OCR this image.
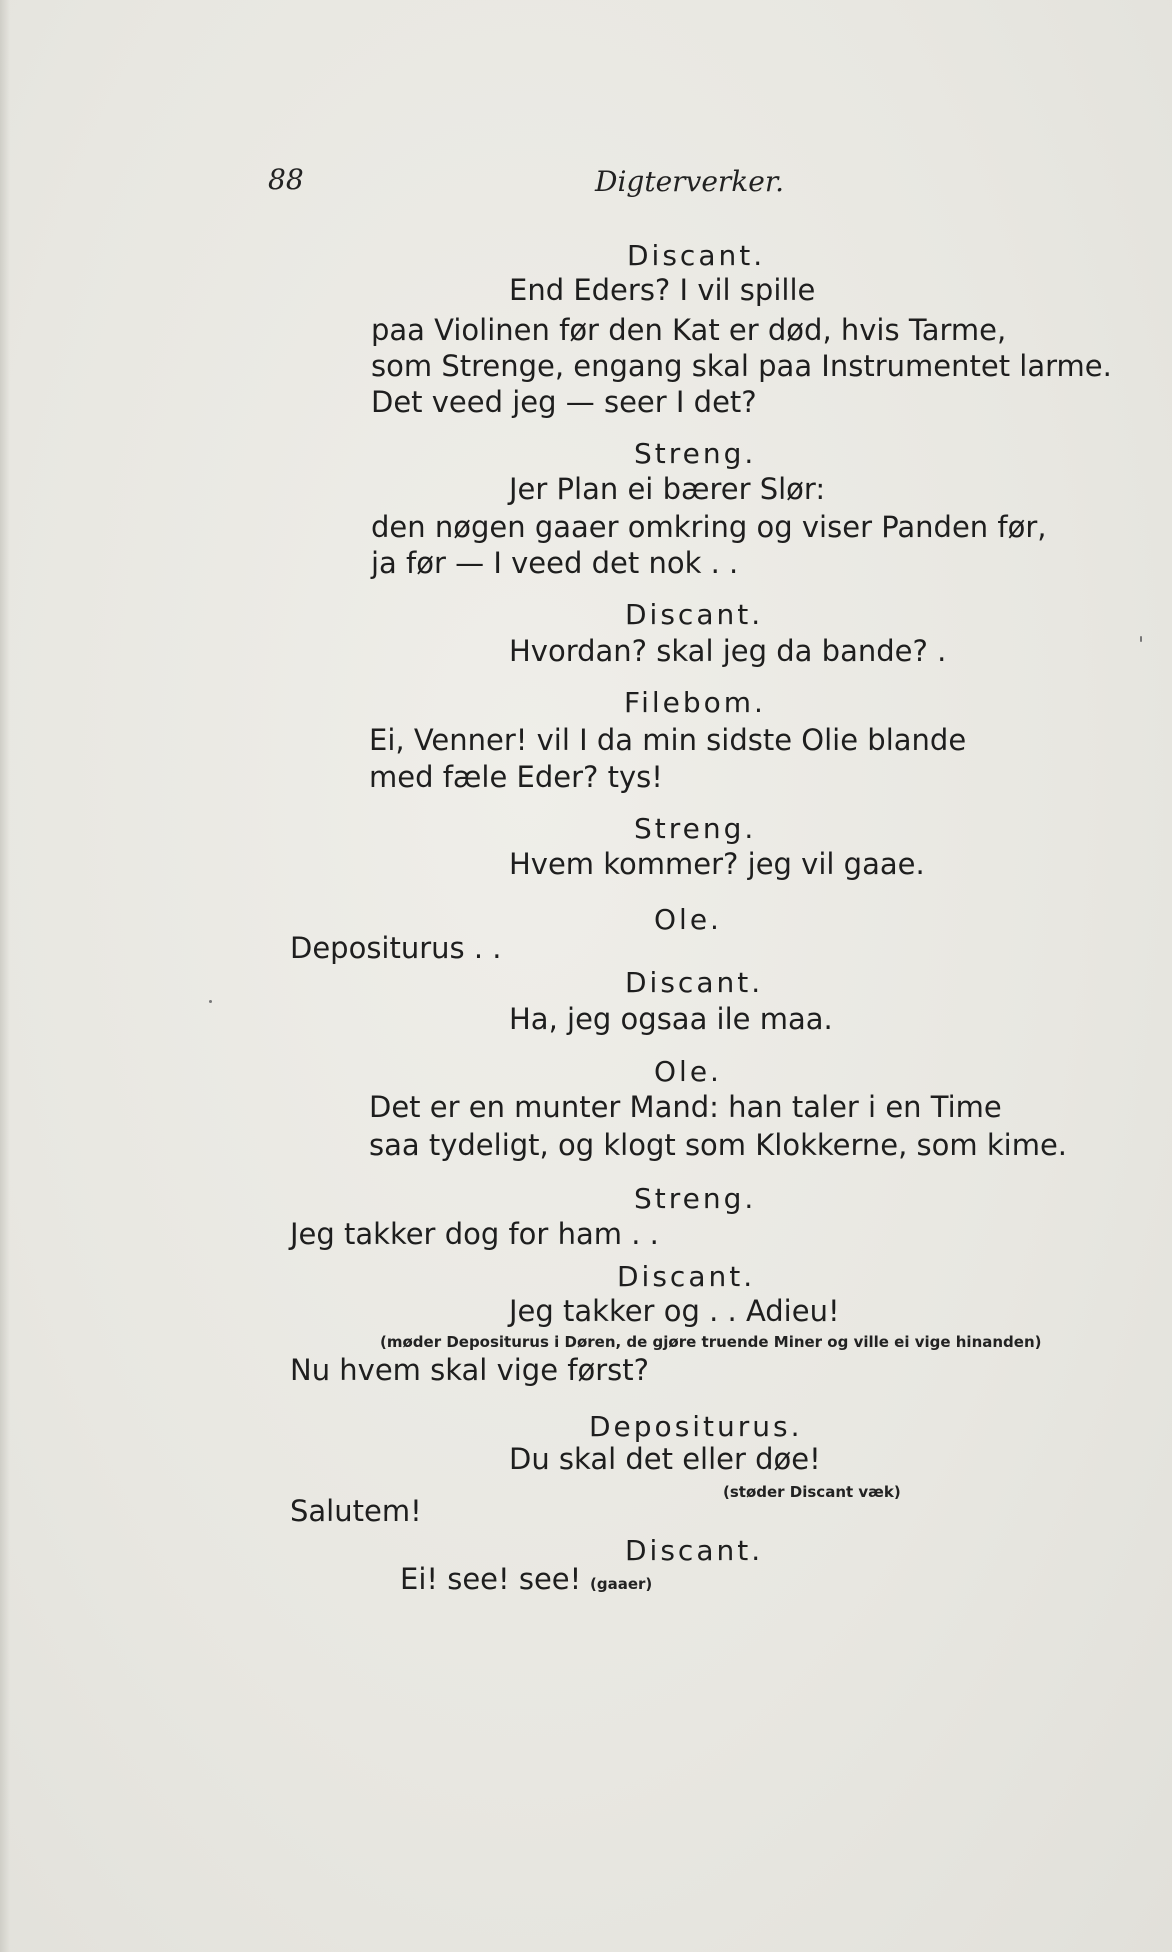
88	Digterverker.
Discant.
End Eders? I vil spille
paa Violinen før den Kat er død, hvis Tarme,
som Strenge, engang skal paa Instrumentet larme.
Det veed jeg — seer I det?
Streng.
Jer Plan ei bærer Slør:
den nøgen gaaer omkring og viser Panden før,
ja før — I veed det nok . .
Discant.
Hvordan? skal jeg da bande? .
Filebom.
Ei, Venner! vil I da min sidste Olie blande
med fæle Eder? tys!
Streng.
Hvem kommer? jeg vil gaae.
Ole.
Depositurus . .
Discant.
Ha, jeg ogsaa ile maa.
Ole.
Det er en munter Mand: han taler i en Time
saa tydeligt, og klogt som Klokkerne, som kime.
Streng.
Jeg takker dog for ham . .
Discant.
Jeg takker og . . Adieu!
(møder Depositurus i Døren, de gjøre truende Miner og ville ei vige hinanden)
Nu hvem skal vige først?
Depositurus.
Du skal det eller døe!
(støder Discant væk)
Salutem!
Discant.
Ei! see! see! (gaaer)
